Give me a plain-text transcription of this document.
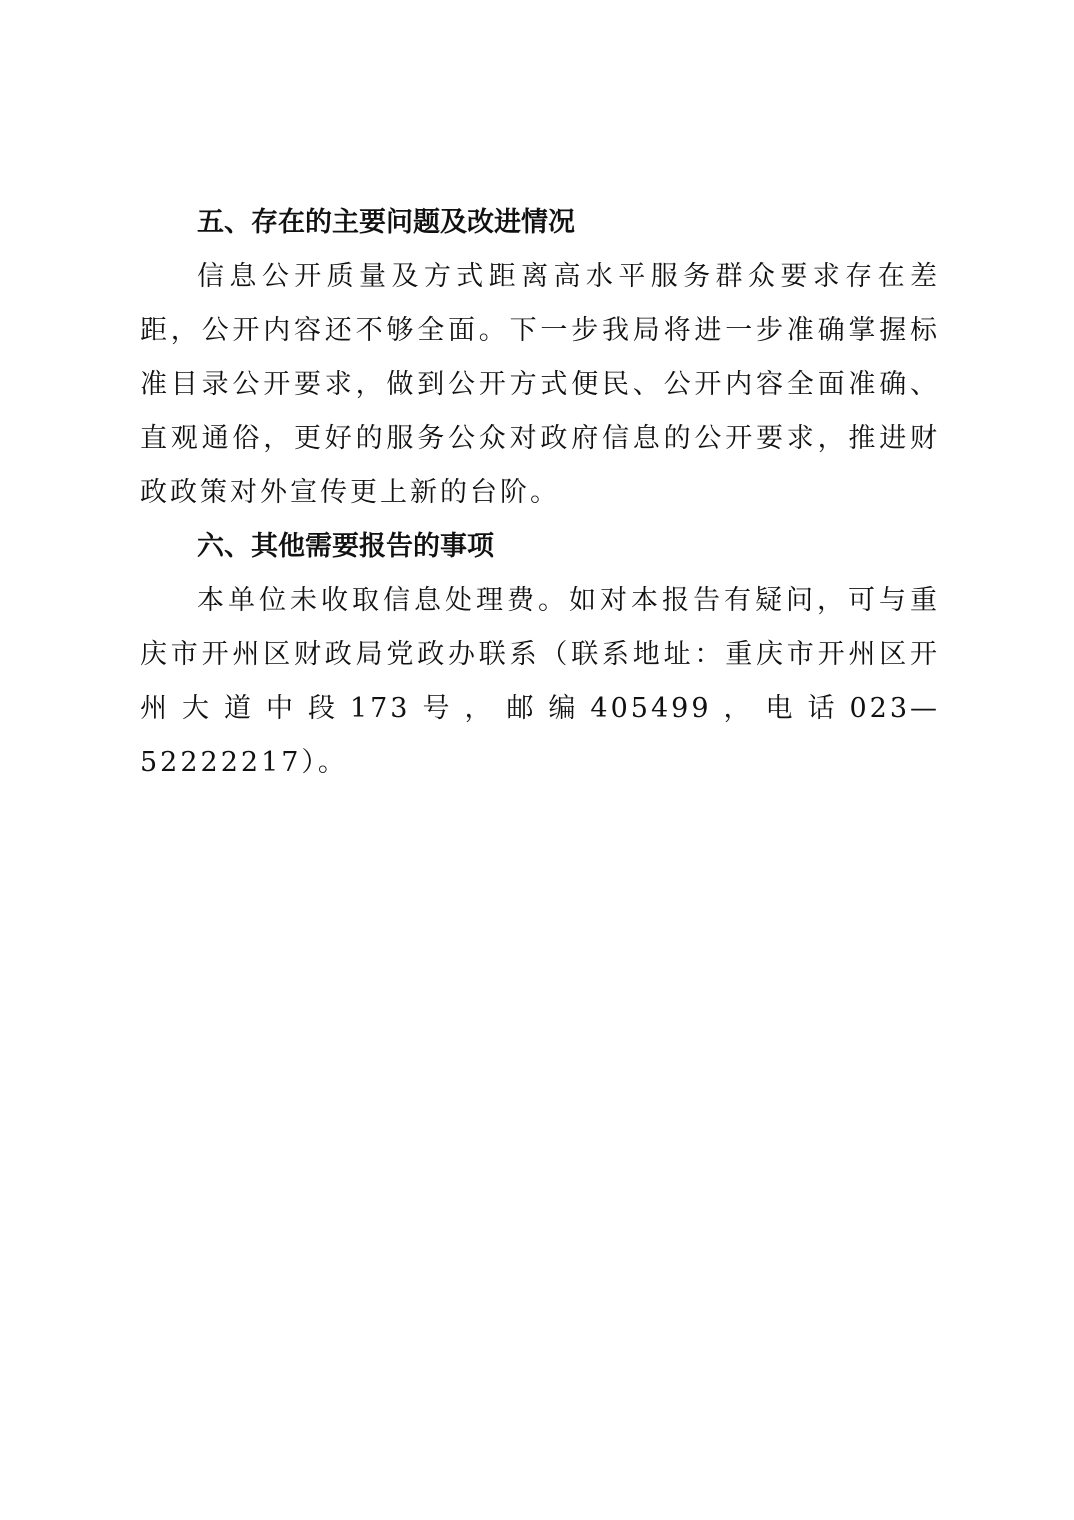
五、存在的主要问题及改进情况

信息公开质量及方式距离高水平服务群众要求存在差距，公开内容还不够全面。下一步我局将进一步准确掌握标准目录公开要求，做到公开方式便民、公开内容全面准确、直观通俗，更好的服务公众对政府信息的公开要求，推进财政政策对外宣传更上新的台阶。

六、其他需要报告的事项

本单位未收取信息处理费。如对本报告有疑问，可与重庆市开州区财政局党政办联系（联系地址：重庆市开州区开州大道中段173号，邮编405499，电话023—52222217）。
